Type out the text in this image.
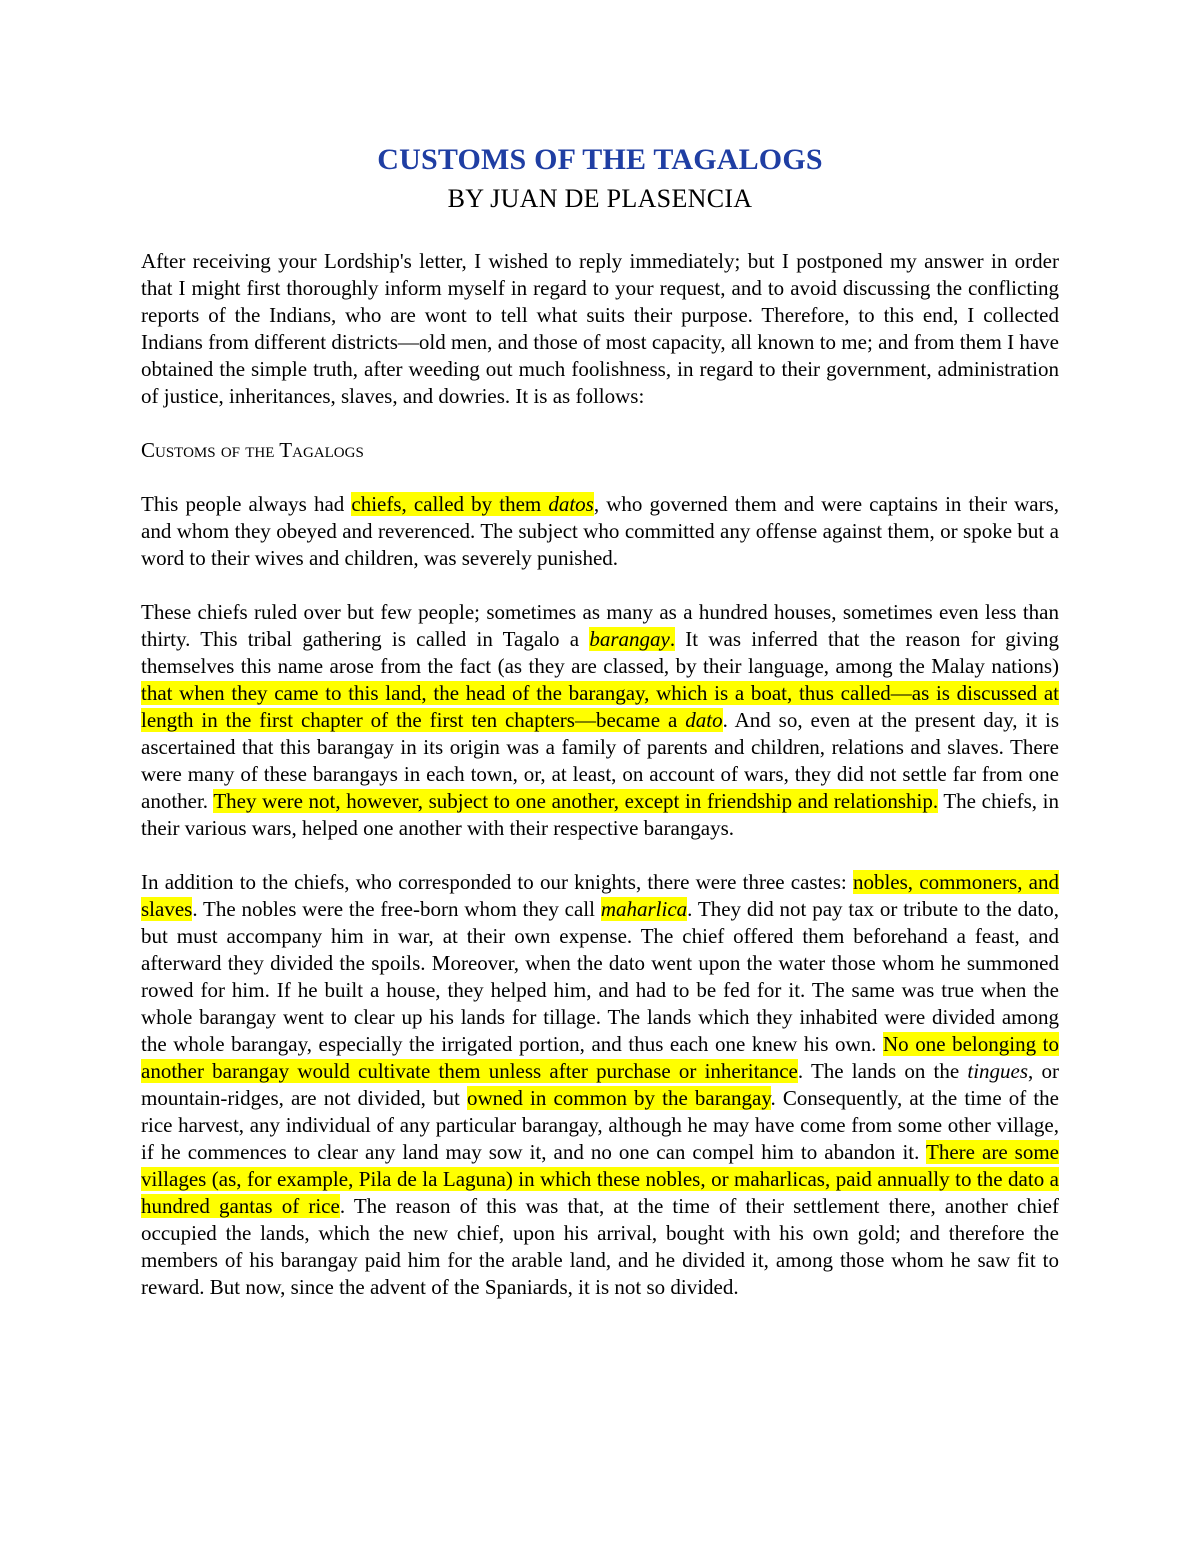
CUSTOMS OF THE TAGALOGS
BY JUAN DE PLASENCIA

After receiving your Lordship's letter, I wished to reply immediately; but I postponed my answer in order that I might first thoroughly inform myself in regard to your request, and to avoid discussing the conflicting reports of the Indians, who are wont to tell what suits their purpose. Therefore, to this end, I collected Indians from different districts—old men, and those of most capacity, all known to me; and from them I have obtained the simple truth, after weeding out much foolishness, in regard to their government, administration of justice, inheritances, slaves, and dowries. It is as follows:

Customs of the Tagalogs

This people always had chiefs, called by them datos, who governed them and were captains in their wars, and whom they obeyed and reverenced. The subject who committed any offense against them, or spoke but a word to their wives and children, was severely punished.

These chiefs ruled over but few people; sometimes as many as a hundred houses, sometimes even less than thirty. This tribal gathering is called in Tagalo a barangay. It was inferred that the reason for giving themselves this name arose from the fact (as they are classed, by their language, among the Malay nations) that when they came to this land, the head of the barangay, which is a boat, thus called—as is discussed at length in the first chapter of the first ten chapters—became a dato. And so, even at the present day, it is ascertained that this barangay in its origin was a family of parents and children, relations and slaves. There were many of these barangays in each town, or, at least, on account of wars, they did not settle far from one another. They were not, however, subject to one another, except in friendship and relationship. The chiefs, in their various wars, helped one another with their respective barangays.

In addition to the chiefs, who corresponded to our knights, there were three castes: nobles, commoners, and slaves. The nobles were the free-born whom they call maharlica. They did not pay tax or tribute to the dato, but must accompany him in war, at their own expense. The chief offered them beforehand a feast, and afterward they divided the spoils. Moreover, when the dato went upon the water those whom he summoned rowed for him. If he built a house, they helped him, and had to be fed for it. The same was true when the whole barangay went to clear up his lands for tillage. The lands which they inhabited were divided among the whole barangay, especially the irrigated portion, and thus each one knew his own. No one belonging to another barangay would cultivate them unless after purchase or inheritance. The lands on the tingues, or mountain-ridges, are not divided, but owned in common by the barangay. Consequently, at the time of the rice harvest, any individual of any particular barangay, although he may have come from some other village, if he commences to clear any land may sow it, and no one can compel him to abandon it. There are some villages (as, for example, Pila de la Laguna) in which these nobles, or maharlicas, paid annually to the dato a hundred gantas of rice. The reason of this was that, at the time of their settlement there, another chief occupied the lands, which the new chief, upon his arrival, bought with his own gold; and therefore the members of his barangay paid him for the arable land, and he divided it, among those whom he saw fit to reward. But now, since the advent of the Spaniards, it is not so divided.
